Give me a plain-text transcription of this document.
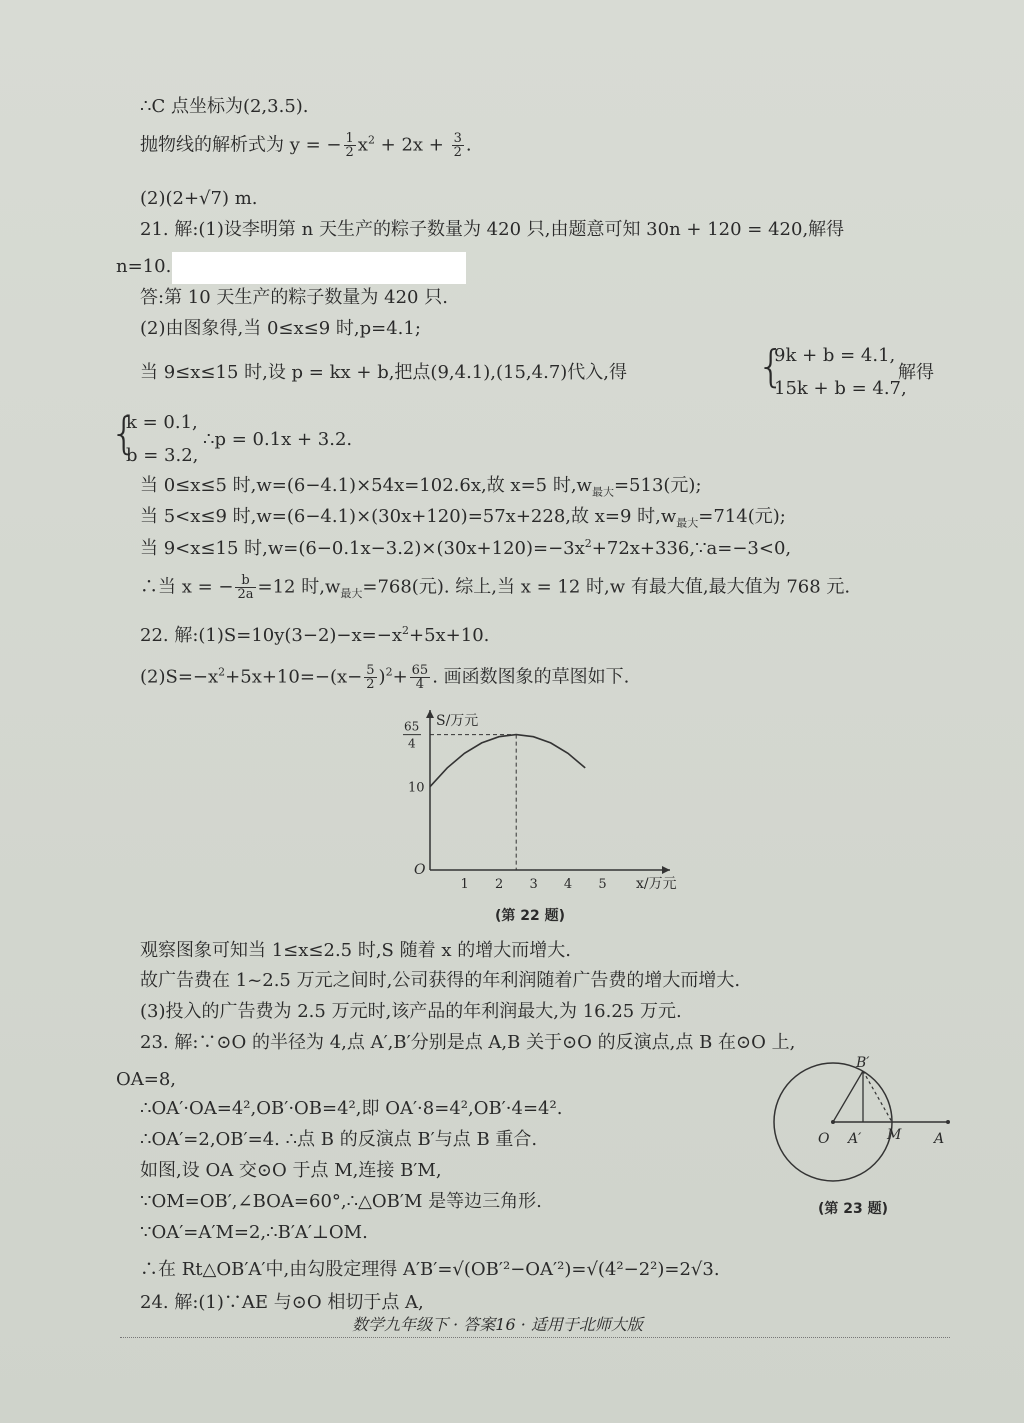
∴C 点坐标为(2,3.5).
抛物线的解析式为 y = − $\frac{1}{2} x^2 + 2x + \frac{3}{2}$ .
(2)(2+√7) m.
21. 解:(1)设李明第 n 天生产的粽子数量为 420 只,由题意可知 30n + 120 = 420,解得
n=10.
答:第 10 天生产的粽子数量为 420 只.
(2)由图象得,当 0≤x≤9 时,p=4.1;
当 9≤x≤15 时,设 p = kx + b,把点(9,4.1),(15,4.7)代入,得	{
9k + b = 4.1,
15k + b = 4.7,
解得
{
k = 0.1,
b = 3.2,
∴p = 0.1x + 3.2.
当 0≤x≤5 时,w=(6−4.1)×54x=102.6x,故 x=5 时$,w_{最大}=513$(元);
当 5<x≤9 时,w=(6−4.1)×(30x+120)=57x+228,故 x=9 时$,w_{最大}=714$(元);
当 9<x≤15 时$,w=(6-0.1x-3.2)\times(30x+120)=-3x^2+72x+336,\because a=-3<0$,
∴当 x = − $\frac{b}{2a} =12$ 时$,w_{最大}=768$(元). 综上,当 x = 12 时,w 有最大值,最大值为 768 元.
22. 解$:(1)S=10y(3-2)-x=-x^2+5x+10$.
$(2)S=-x^2+5x+10=-(x- \frac{5}{2} )^2+ \frac{65}{4}$ . 画函数图象的草图如下.
O
x/万元
S/万元
1 2 3 4 5
10
65
4
(第 22 题)
观察图象可知当 1≤x≤2.5 时,S 随着 x 的增大而增大.
故广告费在 1~2.5 万元之间时,公司获得的年利润随着广告费的增大而增大.
(3)投入的广告费为 2.5 万元时,该产品的年利润最大,为 16.25 万元.
23. 解:∵⊙O 的半径为 4,点 A′,B′分别是点 A,B 关于⊙O 的反演点,点 B 在⊙O 上,
OA=8,
∴OA′·OA=4²,OB′·OB=4²,即 OA′·8=4²,OB′·4=4².
∴OA′=2,OB′=4. ∴点 B 的反演点 B′与点 B 重合.
如图,设 OA 交⊙O 于点 M,连接 B′M,
∵OM=OB′,∠BOA=60°,∴△OB′M 是等边三角形.
∵OA′=A′M=2,∴B′A′⊥OM.
∴在 Rt△OB′A′中,由勾股定理得 A′B′=√(OB′²−OA′²)=√(4²−2²)=2√3.
24. 解:(1)∵AE 与⊙O 相切于点 A,
O A′ M A
B′
(第 23 题)
数学九年级下 · 答案16 · 适用于北师大版
